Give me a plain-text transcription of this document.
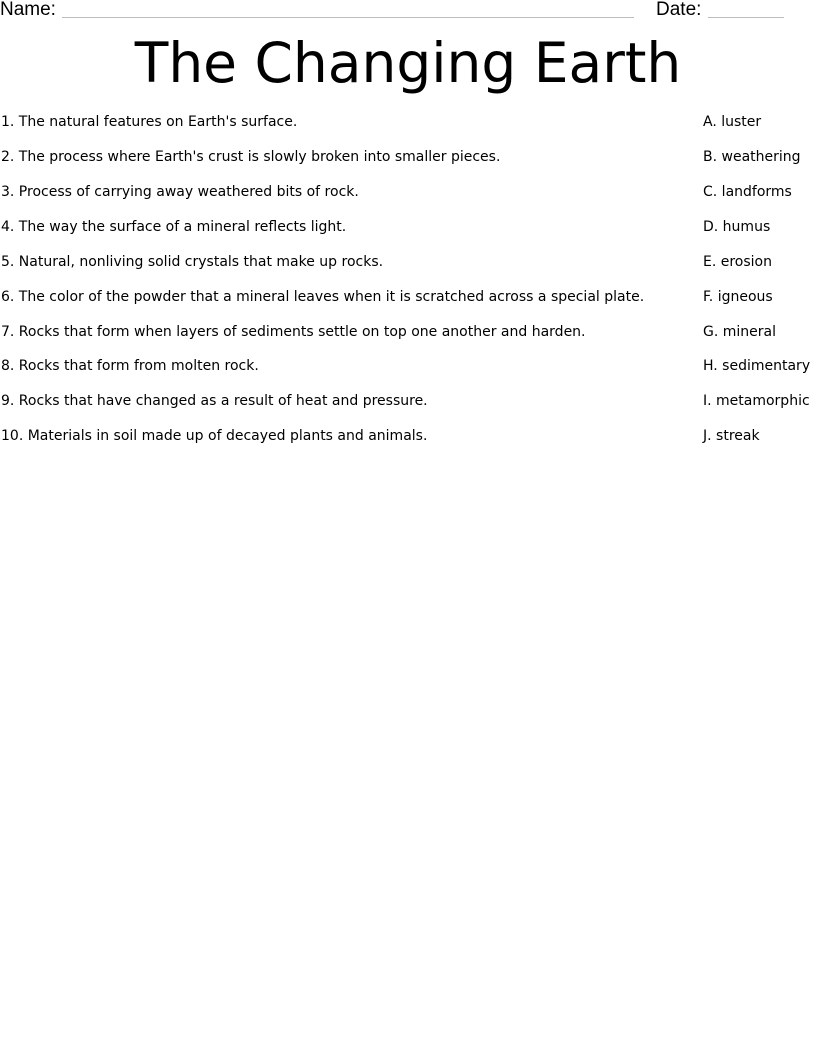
Name:	Date:
The Changing Earth
1. The natural features on Earth's surface.
2. The process where Earth's crust is slowly broken into smaller pieces.
3. Process of carrying away weathered bits of rock.
4. The way the surface of a mineral reflects light.
5. Natural, nonliving solid crystals that make up rocks.
6. The color of the powder that a mineral leaves when it is scratched across a special plate.
7. Rocks that form when layers of sediments settle on top one another and harden.
8. Rocks that form from molten rock.
9. Rocks that have changed as a result of heat and pressure.
10. Materials in soil made up of decayed plants and animals.
A. luster
B. weathering
C. landforms
D. humus
E. erosion
F. igneous
G. mineral
H. sedimentary
I. metamorphic
J. streak
